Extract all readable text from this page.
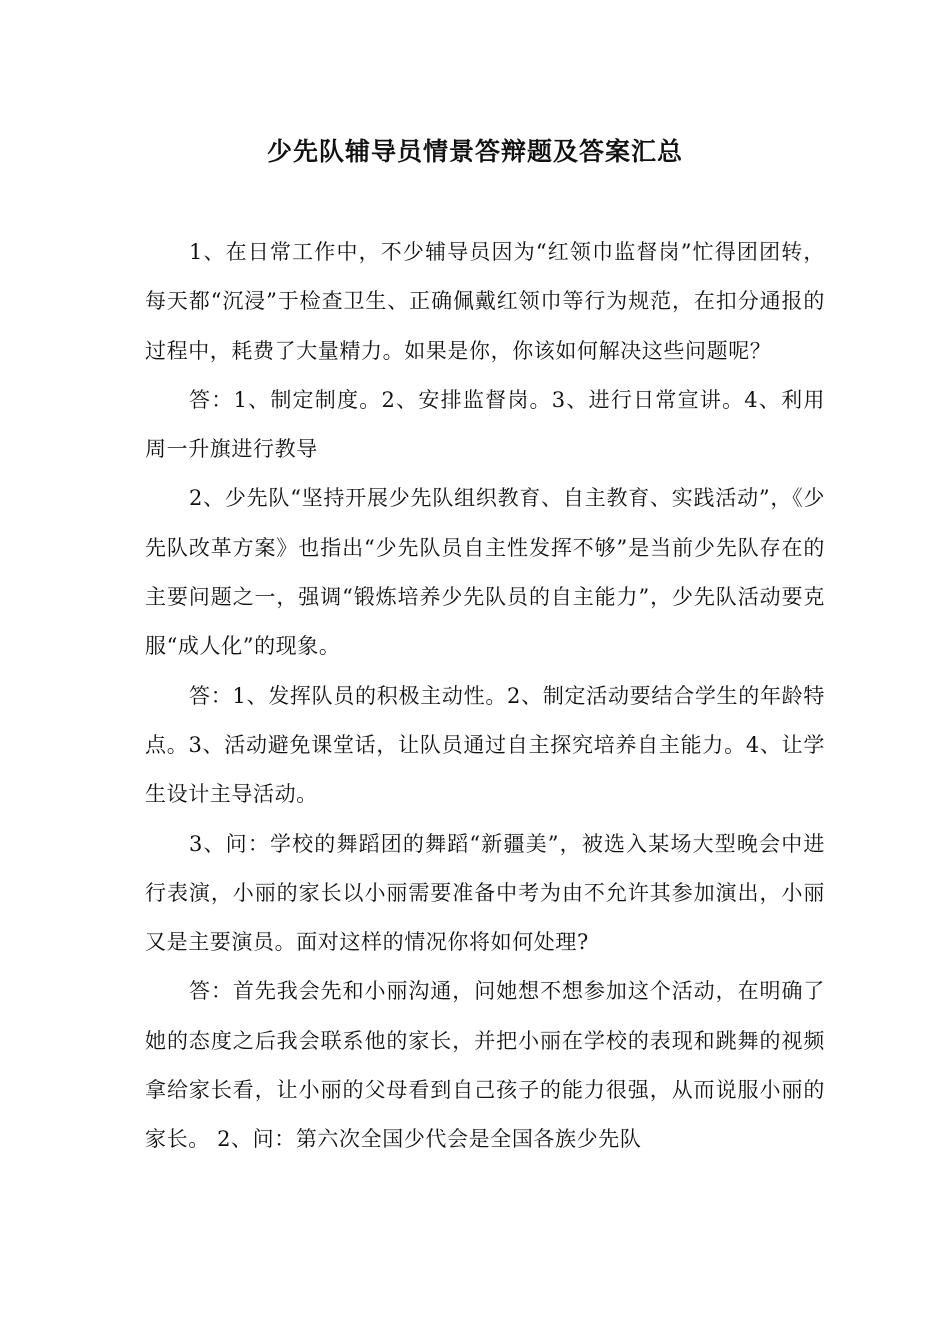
少先队辅导员情景答辩题及答案汇总

1、在日常工作中，不少辅导员因为“红领巾监督岗”忙得团团转，每天都“沉浸”于检查卫生、正确佩戴红领巾等行为规范，在扣分通报的过程中，耗费了大量精力。如果是你，你该如何解决这些问题呢？

答：1、制定制度。2、安排监督岗。3、进行日常宣讲。4、利用周一升旗进行教导

2、少先队“坚持开展少先队组织教育、自主教育、实践活动”，《少先队改革方案》也指出“少先队员自主性发挥不够”是当前少先队存在的主要问题之一，强调“锻炼培养少先队员的自主能力”，少先队活动要克服“成人化”的现象。

答：1、发挥队员的积极主动性。2、制定活动要结合学生的年龄特点。3、活动避免课堂话，让队员通过自主探究培养自主能力。4、让学生设计主导活动。

3、问：学校的舞蹈团的舞蹈“新疆美”，被选入某场大型晚会中进行表演，小丽的家长以小丽需要准备中考为由不允许其参加演出，小丽又是主要演员。面对这样的情况你将如何处理?

答：首先我会先和小丽沟通，问她想不想参加这个活动，在明确了她的态度之后我会联系他的家长，并把小丽在学校的表现和跳舞的视频拿给家长看，让小丽的父母看到自己孩子的能力很强，从而说服小丽的家长。 2、问：第六次全国少代会是全国各族少先队
